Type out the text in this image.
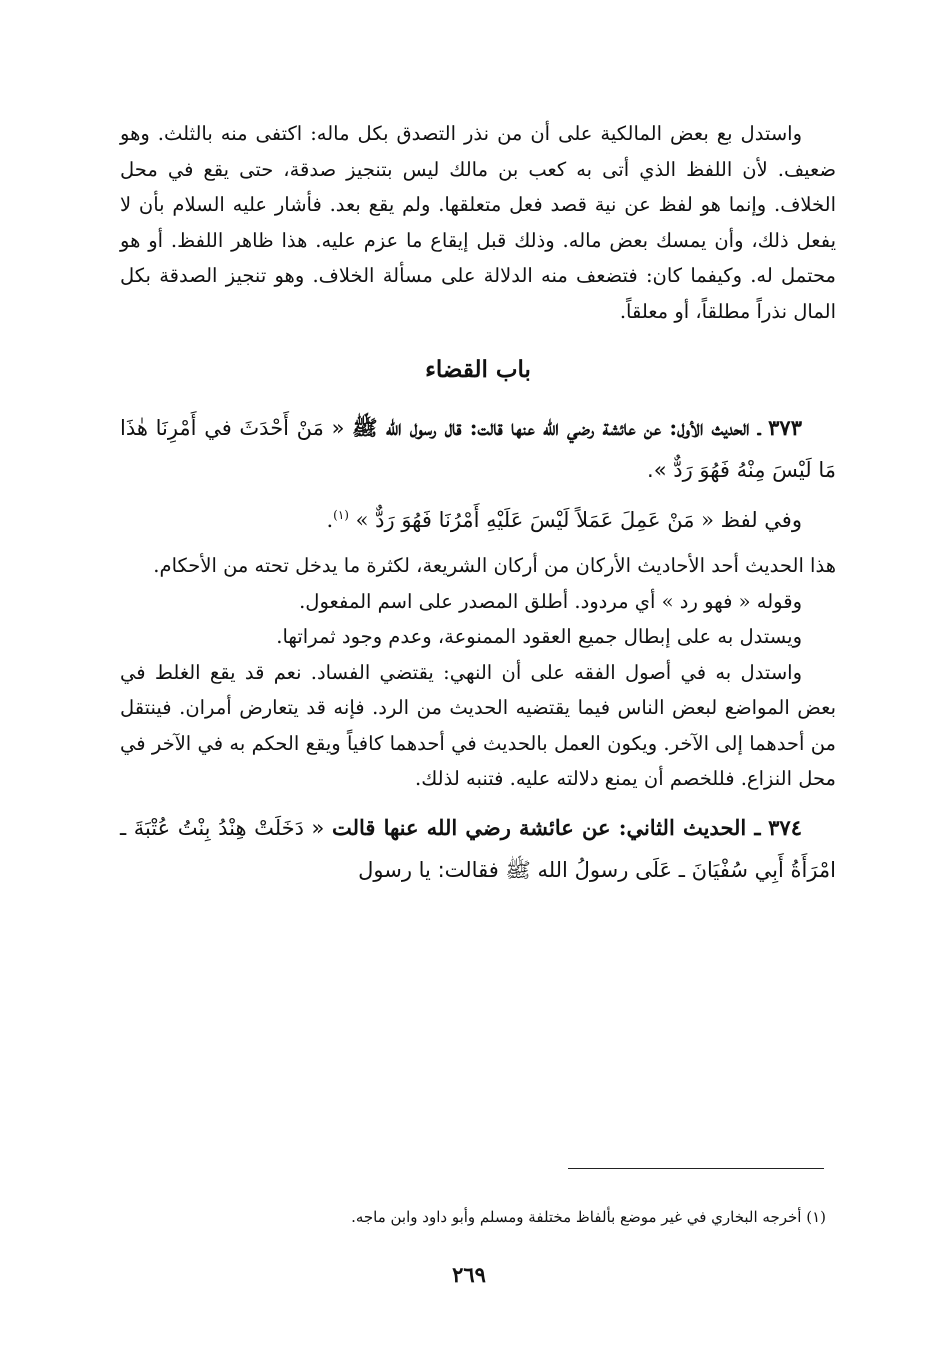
واستدل بع بعض المالكية على أن من نذر التصدق بكل ماله: اكتفى منه بالثلث. وهو ضعيف. لأن اللفظ الذي أتى به كعب بن مالك ليس بتنجيز صدقة، حتى يقع في محل الخلاف. وإنما هو لفظ عن نية قصد فعل متعلقها. ولم يقع بعد. فأشار عليه السلام بأن لا يفعل ذلك، وأن يمسك بعض ماله. وذلك قبل إيقاع ما عزم عليه. هذا ظاهر اللفظ. أو هو محتمل له. وكيفما كان: فتضعف منه الدلالة على مسألة الخلاف. وهو تنجيز الصدقة بكل المال نذراً مطلقاً، أو معلقاً.

باب القضاء

٣٧٣ ـ الحديث الأول: عن عائشة رضي الله عنها قالت: قال رسول الله ﷺ « مَنْ أَحْدَثَ في أَمْرِنَا هٰذَا مَا لَيْسَ مِنْهُ فَهُوَ رَدٌّ ».

وفي لفظ « مَنْ عَمِلَ عَمَلاً لَيْسَ عَلَيْهِ أَمْرُنَا فَهُوَ رَدٌّ » $^{(١)}$.

هذا الحديث أحد الأحاديث الأركان من أركان الشريعة، لكثرة ما يدخل تحته من الأحكام.

وقوله « فهو رد » أي مردود. أطلق المصدر على اسم المفعول.

ويستدل به على إبطال جميع العقود الممنوعة، وعدم وجود ثمراتها.

واستدل به في أصول الفقه على أن النهي: يقتضي الفساد. نعم قد يقع الغلط في بعض المواضع لبعض الناس فيما يقتضيه الحديث من الرد. فإنه قد يتعارض أمران. فينتقل من أحدهما إلى الآخر. ويكون العمل بالحديث في أحدهما كافياً ويقع الحكم به في الآخر في محل النزاع. فللخصم أن يمنع دلالته عليه. فتنبه لذلك.

٣٧٤ ـ الحديث الثاني: عن عائشة رضي الله عنها قالت « دَخَلَتْ هِنْدُ بِنْتُ عُتْبَةَ ـ امْرَأَةُ أَبِي سُفْيَانَ ـ عَلَى رسولُ الله ﷺ فقالت: يا رسول

(١) أخرجه البخاري في غير موضع بألفاظ مختلفة ومسلم وأبو داود وابن ماجه.
٢٦٩
